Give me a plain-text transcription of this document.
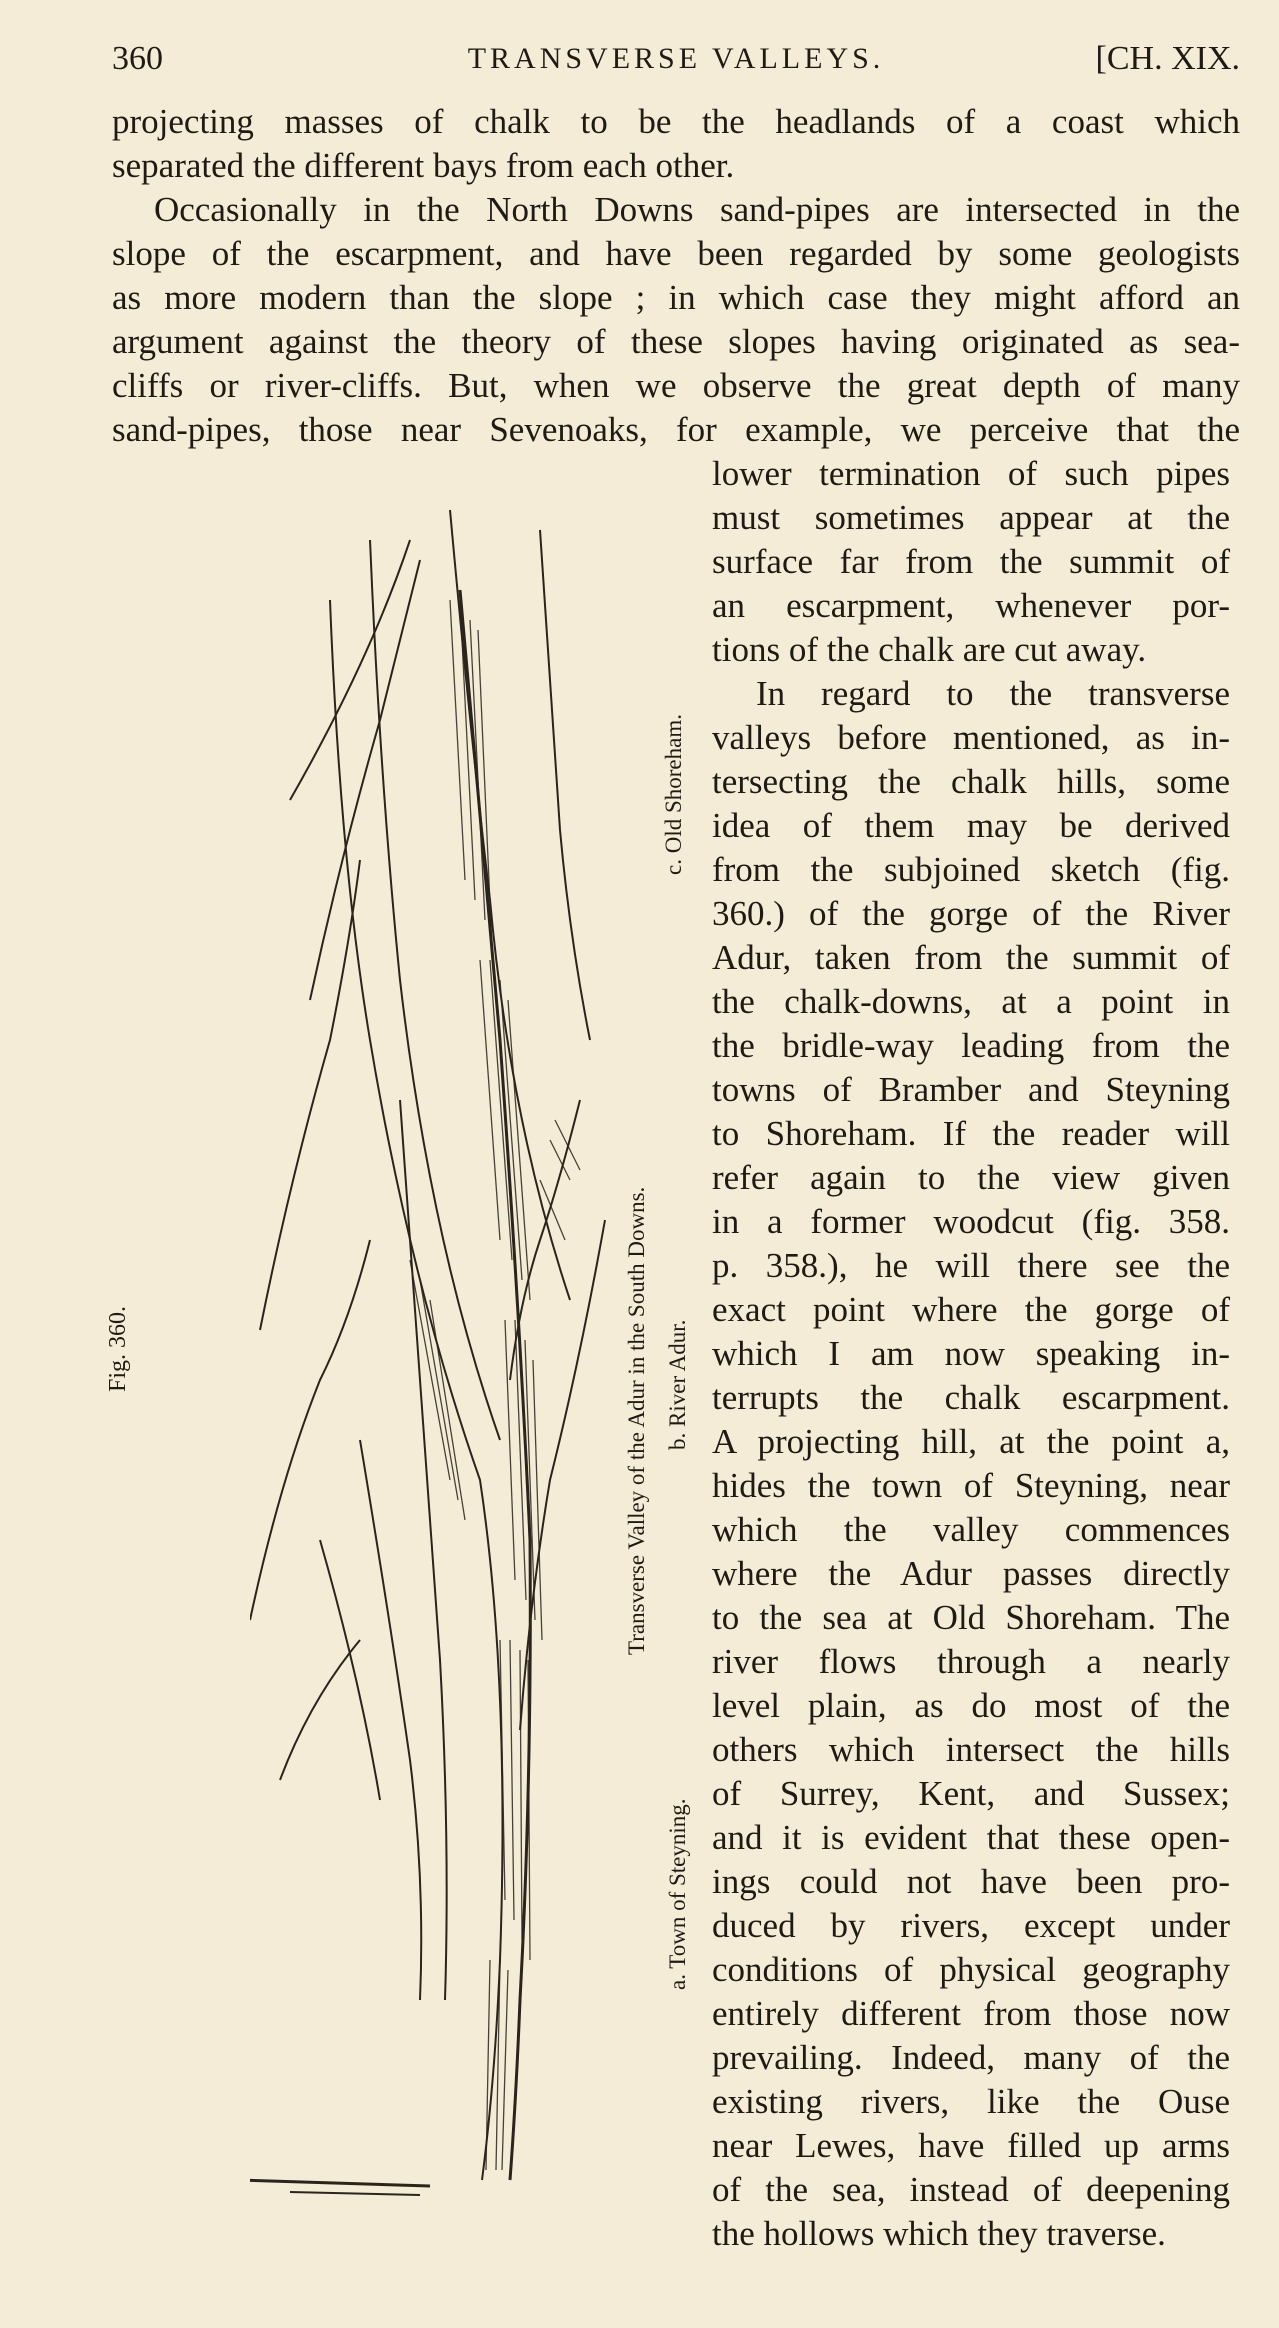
360	TRANSVERSE VALLEYS.	[CH. XIX.
projecting masses of chalk to be the headlands of a coast which
separated the different bays from each other.
Occasionally in the North Downs sand-pipes are intersected in the
slope of the escarpment, and have been regarded by some geologists
as more modern than the slope ; in which case they might afford an
argument against the theory of these slopes having originated as sea-
cliffs or river-cliffs. But, when we observe the great depth of many
sand-pipes, those near Sevenoaks, for example, we perceive that the
lower termination of such pipes
must sometimes appear at the
surface far from the summit of
an escarpment, whenever por-
tions of the chalk are cut away.
In regard to the transverse
valleys before mentioned, as in-
tersecting the chalk hills, some
idea of them may be derived
from the subjoined sketch (fig.
360.) of the gorge of the River
Adur, taken from the summit of
the chalk-downs, at a point in
the bridle-way leading from the
towns of Bramber and Steyning
to Shoreham. If the reader will
refer again to the view given
in a former woodcut (fig. 358.
p. 358.), he will there see the
exact point where the gorge of
which I am now speaking in-
terrupts the chalk escarpment.
A projecting hill, at the point a,
hides the town of Steyning, near
which the valley commences
where the Adur passes directly
to the sea at Old Shoreham. The
river flows through a nearly
level plain, as do most of the
others which intersect the hills
of Surrey, Kent, and Sussex;
and it is evident that these open-
ings could not have been pro-
duced by rivers, except under
conditions of physical geography
entirely different from those now
prevailing. Indeed, many of the
existing rivers, like the Ouse
near Lewes, have filled up arms
of the sea, instead of deepening
the hollows which they traverse.
c. Old Shoreham.
Transverse Valley of the Adur in the South Downs. b. River Adur.
a. Town of Steyning.
Fig. 360.
